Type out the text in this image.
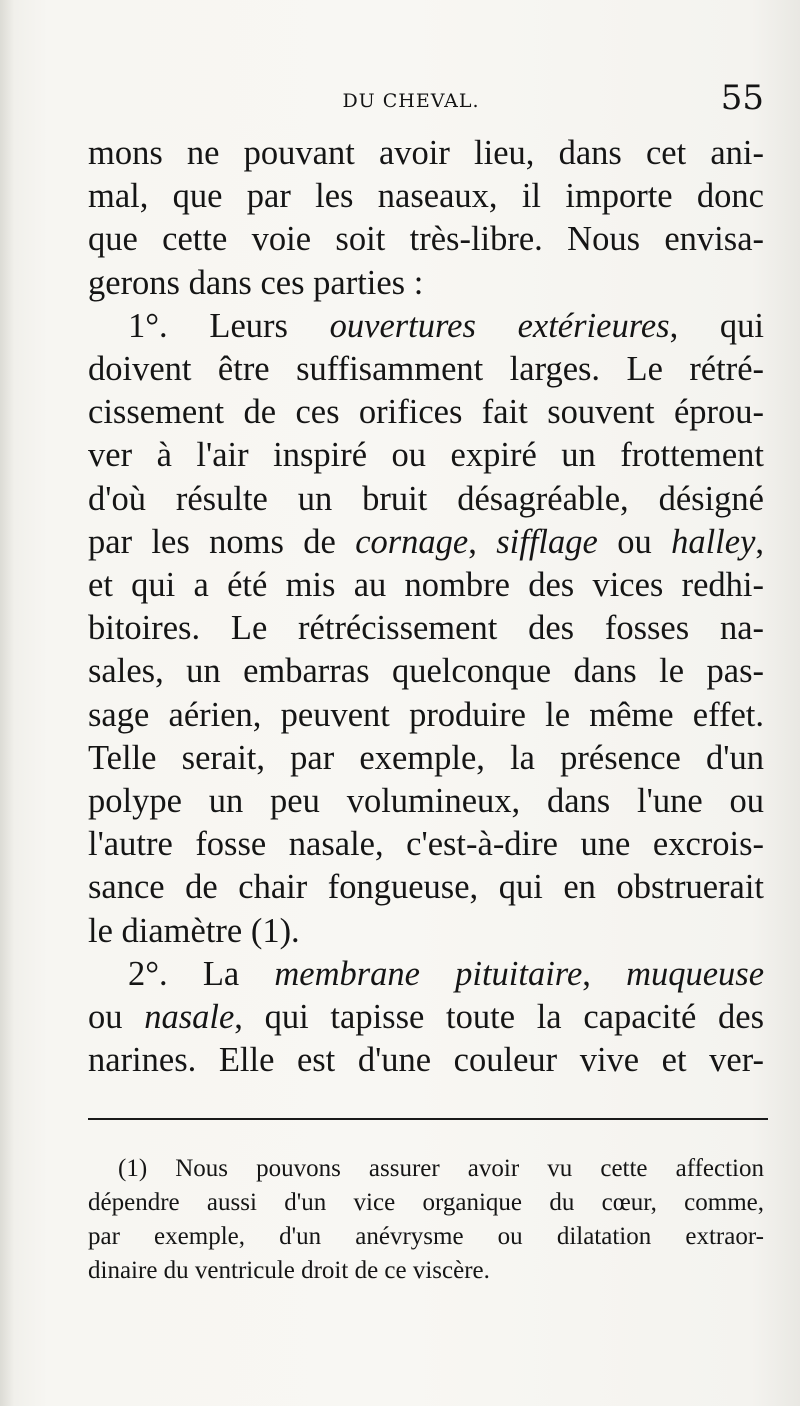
DU CHEVAL.	55
mons ne pouvant avoir lieu, dans cet ani-
mal, que par les naseaux, il importe donc
que cette voie soit très-libre. Nous envisa-
gerons dans ces parties :
1°. Leurs ouvertures extérieures, qui
doivent être suffisamment larges. Le rétré-
cissement de ces orifices fait souvent éprou-
ver à l'air inspiré ou expiré un frottement
d'où résulte un bruit désagréable, désigné
par les noms de cornage, sifflage ou halley,
et qui a été mis au nombre des vices redhi-
bitoires. Le rétrécissement des fosses na-
sales, un embarras quelconque dans le pas-
sage aérien, peuvent produire le même effet.
Telle serait, par exemple, la présence d'un
polype un peu volumineux, dans l'une ou
l'autre fosse nasale, c'est-à-dire une excrois-
sance de chair fongueuse, qui en obstruerait
le diamètre (1).
2°. La membrane pituitaire, muqueuse
ou nasale, qui tapisse toute la capacité des
narines. Elle est d'une couleur vive et ver-
(1) Nous pouvons assurer avoir vu cette affection
dépendre aussi d'un vice organique du cœur, comme,
par exemple, d'un anévrysme ou dilatation extraor-
dinaire du ventricule droit de ce viscère.
